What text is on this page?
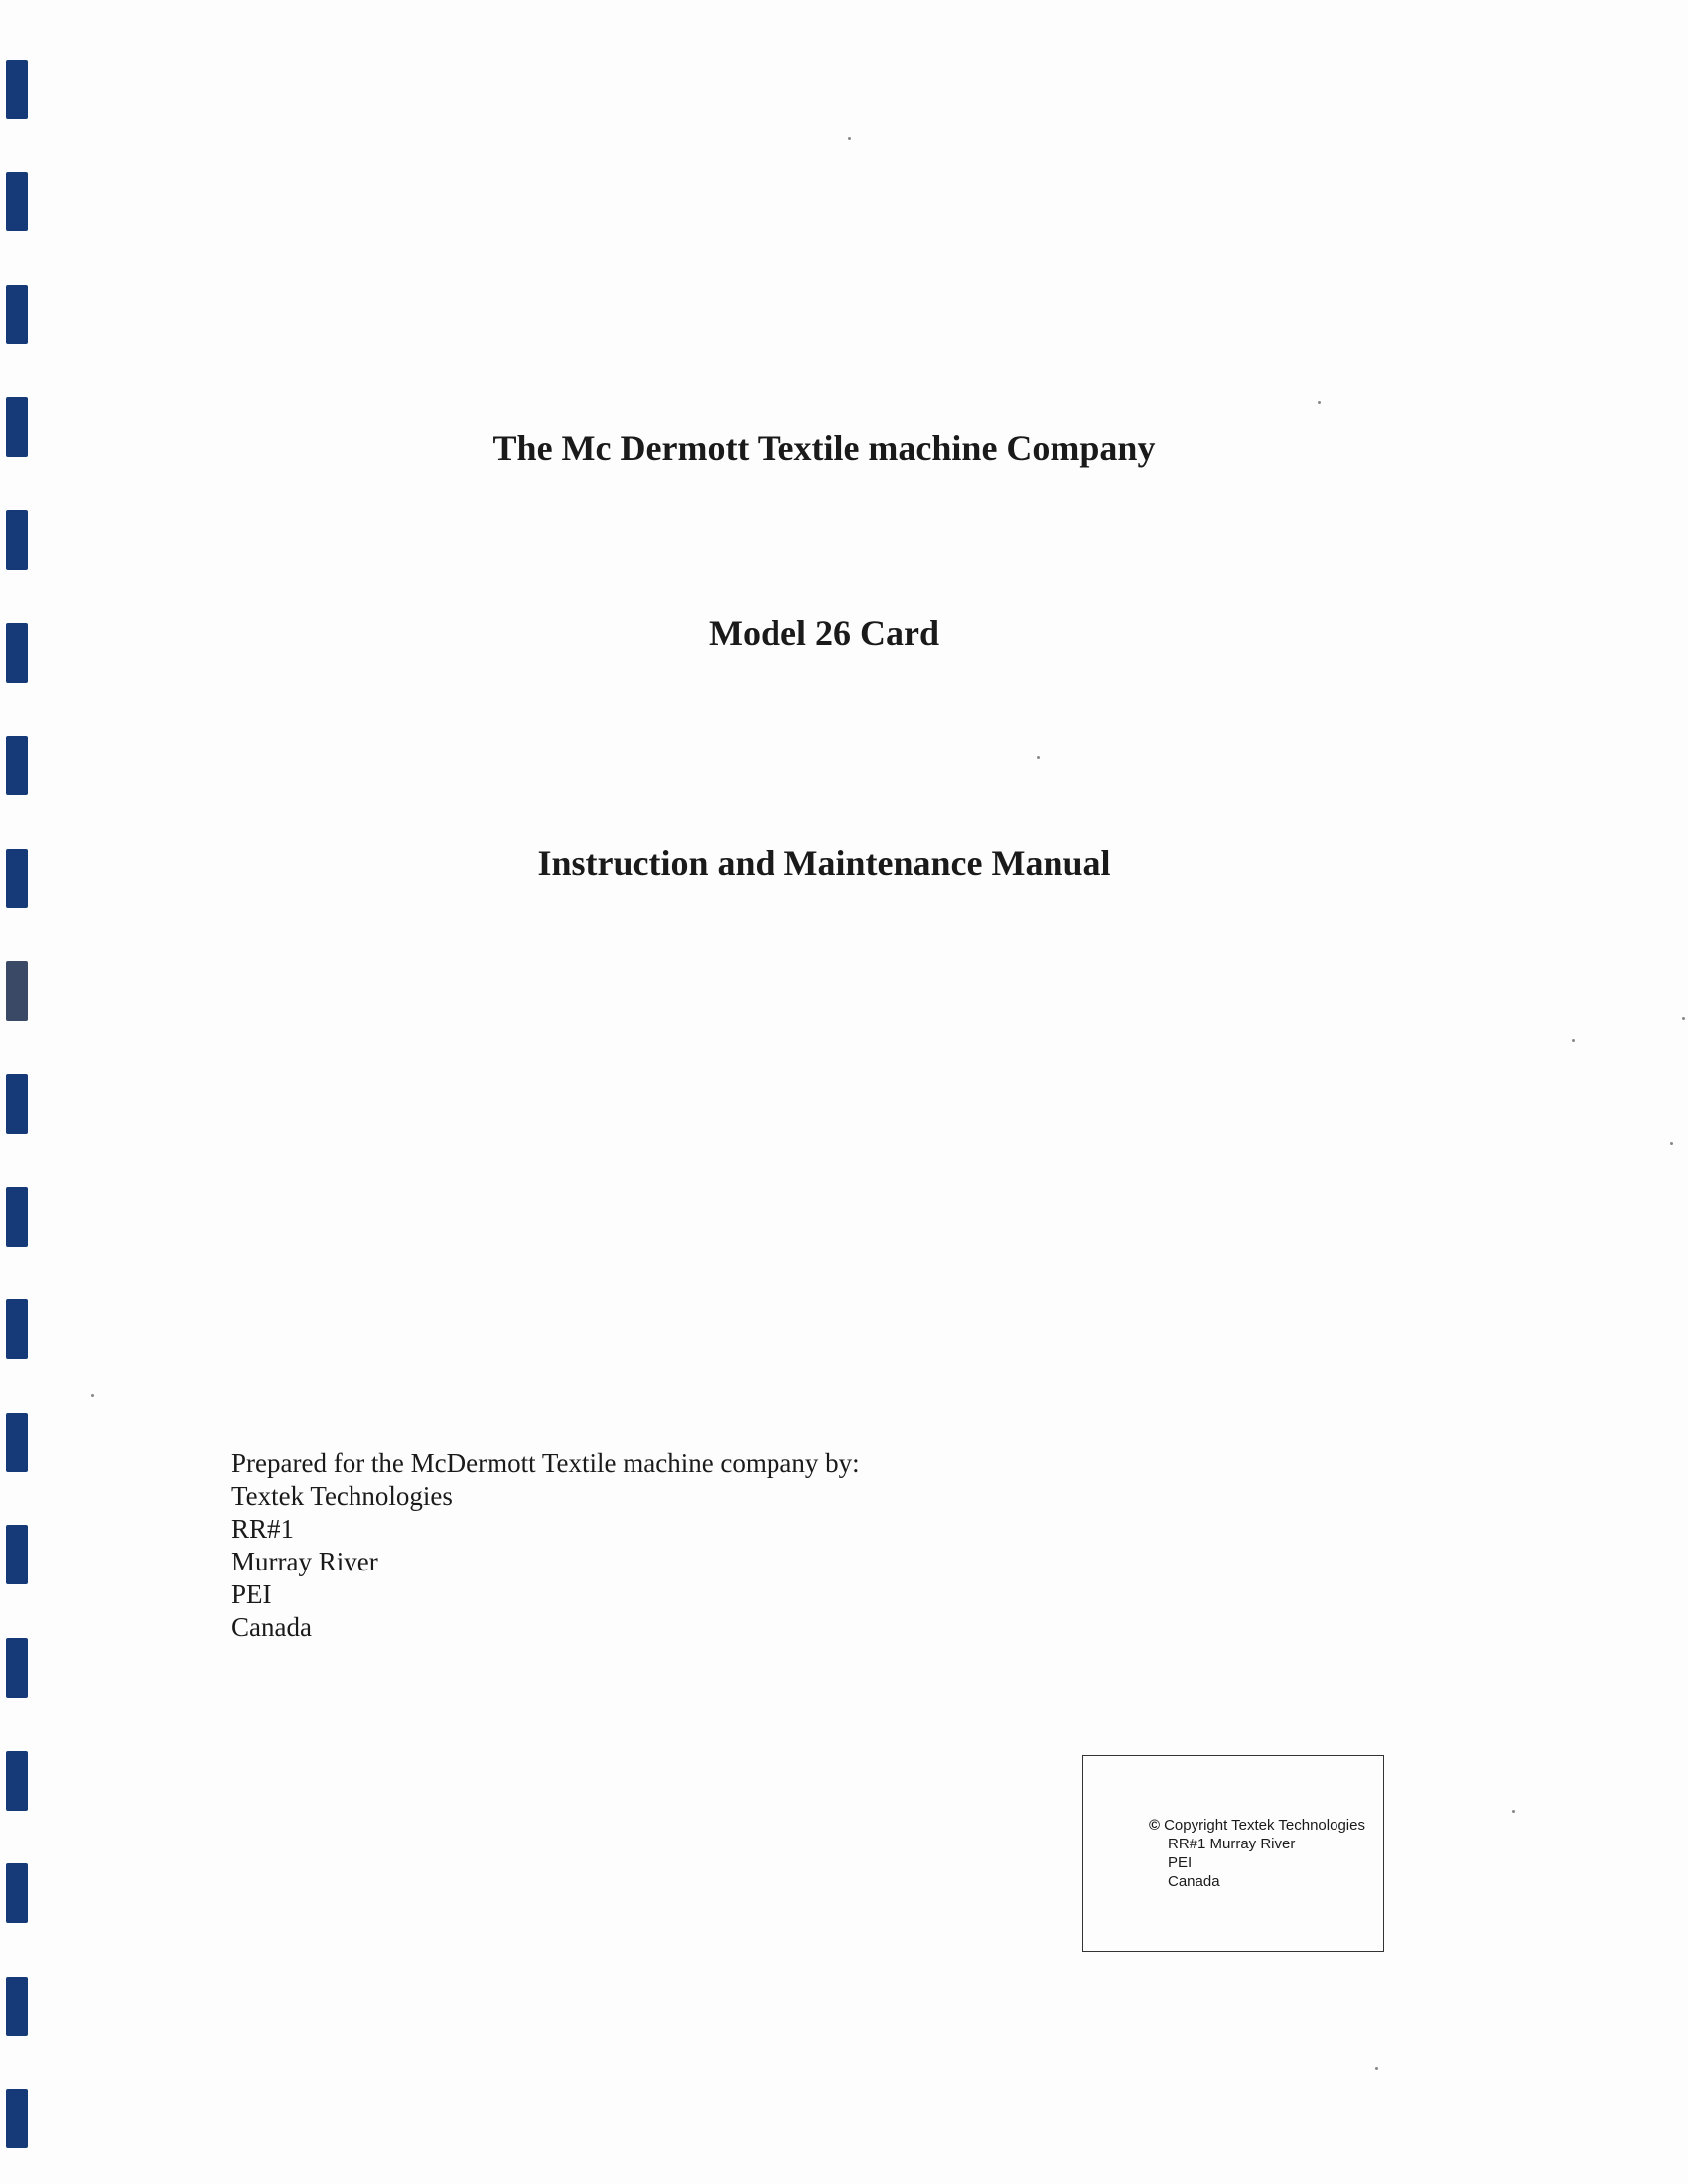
The Mc Dermott Textile machine Company
Model 26 Card
Instruction and Maintenance Manual
Prepared for the McDermott Textile machine company by:
Textek Technologies
RR#1
Murray River
PEI
Canada
© Copyright Textek Technologies
RR#1 Murray River
PEI
Canada
